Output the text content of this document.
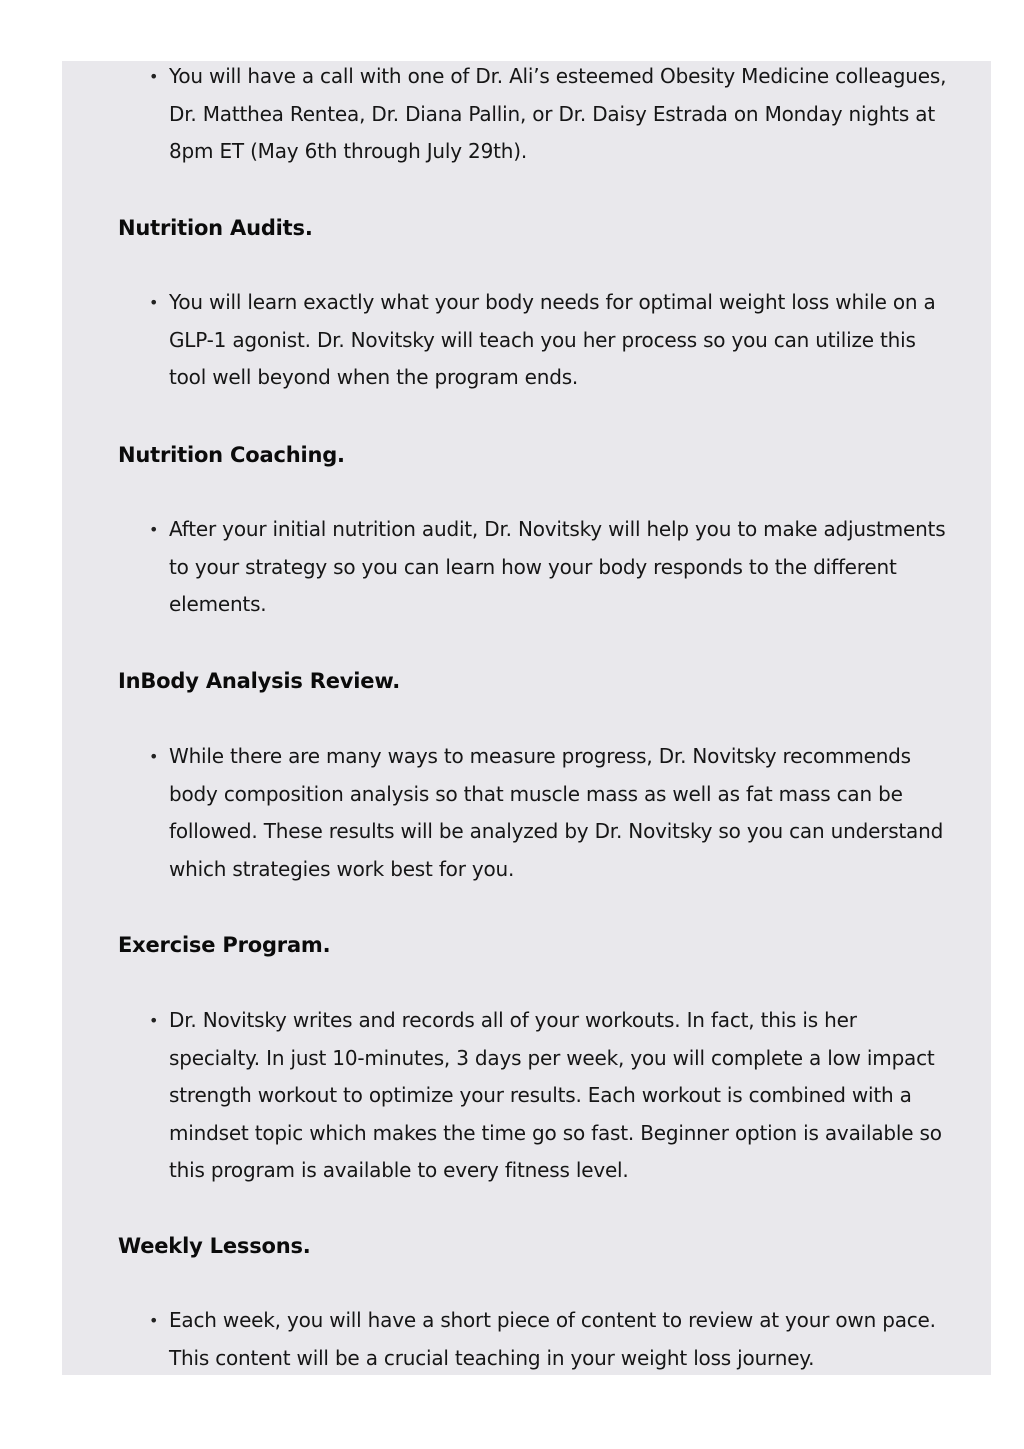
• You will have a call with one of Dr. Ali’s esteemed Obesity Medicine colleagues, Dr. Matthea Rentea, Dr. Diana Pallin, or Dr. Daisy Estrada on Monday nights at 8pm ET (May 6th through July 29th).
Nutrition Audits.
• You will learn exactly what your body needs for optimal weight loss while on a GLP-1 agonist. Dr. Novitsky will teach you her process so you can utilize this tool well beyond when the program ends.
Nutrition Coaching.
• After your initial nutrition audit, Dr. Novitsky will help you to make adjustments to your strategy so you can learn how your body responds to the different elements.
InBody Analysis Review.
• While there are many ways to measure progress, Dr. Novitsky recommends body composition analysis so that muscle mass as well as fat mass can be followed. These results will be analyzed by Dr. Novitsky so you can understand which strategies work best for you.
Exercise Program.
• Dr. Novitsky writes and records all of your workouts. In fact, this is her specialty. In just 10-minutes, 3 days per week, you will complete a low impact strength workout to optimize your results. Each workout is combined with a mindset topic which makes the time go so fast. Beginner option is available so this program is available to every fitness level.
Weekly Lessons.
• Each week, you will have a short piece of content to review at your own pace. This content will be a crucial teaching in your weight loss journey.
